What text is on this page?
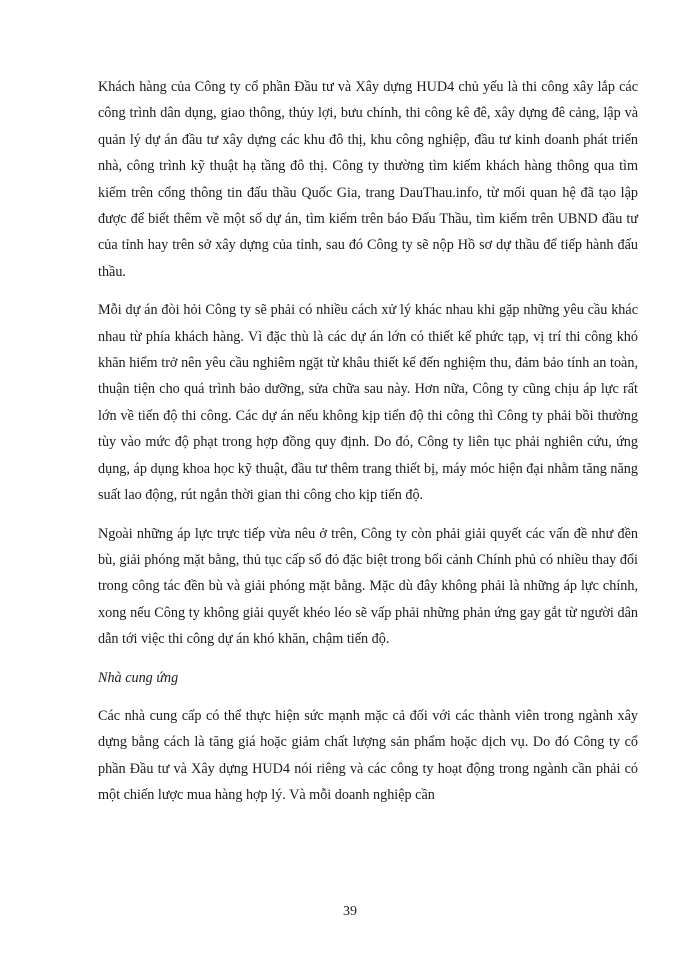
Khách hàng của Công ty cổ phần Đầu tư và Xây dựng HUD4 chủ yếu là thi công xây lắp các công trình dân dụng, giao thông, thủy lợi, bưu chính, thi công kê đê, xây dựng đê cảng, lập và quản lý dự án đầu tư xây dựng các khu đô thị, khu công nghiệp, đầu tư kinh doanh phát triển nhà, công trình kỹ thuật hạ tầng đô thị. Công ty thường tìm kiếm khách hàng thông qua tìm kiếm trên cổng thông tin đấu thầu Quốc Gia, trang DauThau.info, từ mối quan hệ đã tạo lập được để biết thêm về một số dự án, tìm kiếm trên báo Đấu Thầu, tìm kiếm trên UBND đầu tư của tỉnh hay trên sở xây dựng của tỉnh, sau đó Công ty sẽ nộp Hồ sơ dự thầu để tiếp hành đấu thầu.

Mỗi dự án đòi hỏi Công ty sẽ phải có nhiều cách xử lý khác nhau khi gặp những yêu cầu khác nhau từ phía khách hàng. Vì đặc thù là các dự án lớn có thiết kế phức tạp, vị trí thi công khó khăn hiểm trở nên yêu cầu nghiêm ngặt từ khâu thiết kế đến nghiệm thu, đảm bảo tính an toàn, thuận tiện cho quá trình bảo dưỡng, sửa chữa sau này. Hơn nữa, Công ty cũng chịu áp lực rất lớn về tiến độ thi công. Các dự án nếu không kịp tiến độ thi công thì Công ty phải bồi thường tùy vào mức độ phạt trong hợp đồng quy định. Do đó, Công ty liên tục phải nghiên cứu, ứng dụng, áp dụng khoa học kỹ thuật, đầu tư thêm trang thiết bị, máy móc hiện đại nhằm tăng năng suất lao động, rút ngắn thời gian thi công cho kịp tiến độ.

Ngoài những áp lực trực tiếp vừa nêu ở trên, Công ty còn phải giải quyết các vấn đề như đền bù, giải phóng mặt bằng, thủ tục cấp sổ đỏ đặc biệt trong bối cảnh Chính phủ có nhiều thay đổi trong công tác đền bù và giải phóng mặt bằng. Mặc dù đây không phải là những áp lực chính, xong nếu Công ty không giải quyết khéo léo sẽ vấp phải những phản ứng gay gắt từ người dân dẫn tới việc thi công dự án khó khăn, chậm tiến độ.

Nhà cung ứng

Các nhà cung cấp có thể thực hiện sức mạnh mặc cả đối với các thành viên trong ngành xây dựng bằng cách là tăng giá hoặc giảm chất lượng sản phẩm hoặc dịch vụ. Do đó Công ty cổ phần Đầu tư và Xây dựng HUD4 nói riêng và các công ty hoạt động trong ngành cần phải có một chiến lược mua hàng hợp lý. Và mỗi doanh nghiệp cần

39
